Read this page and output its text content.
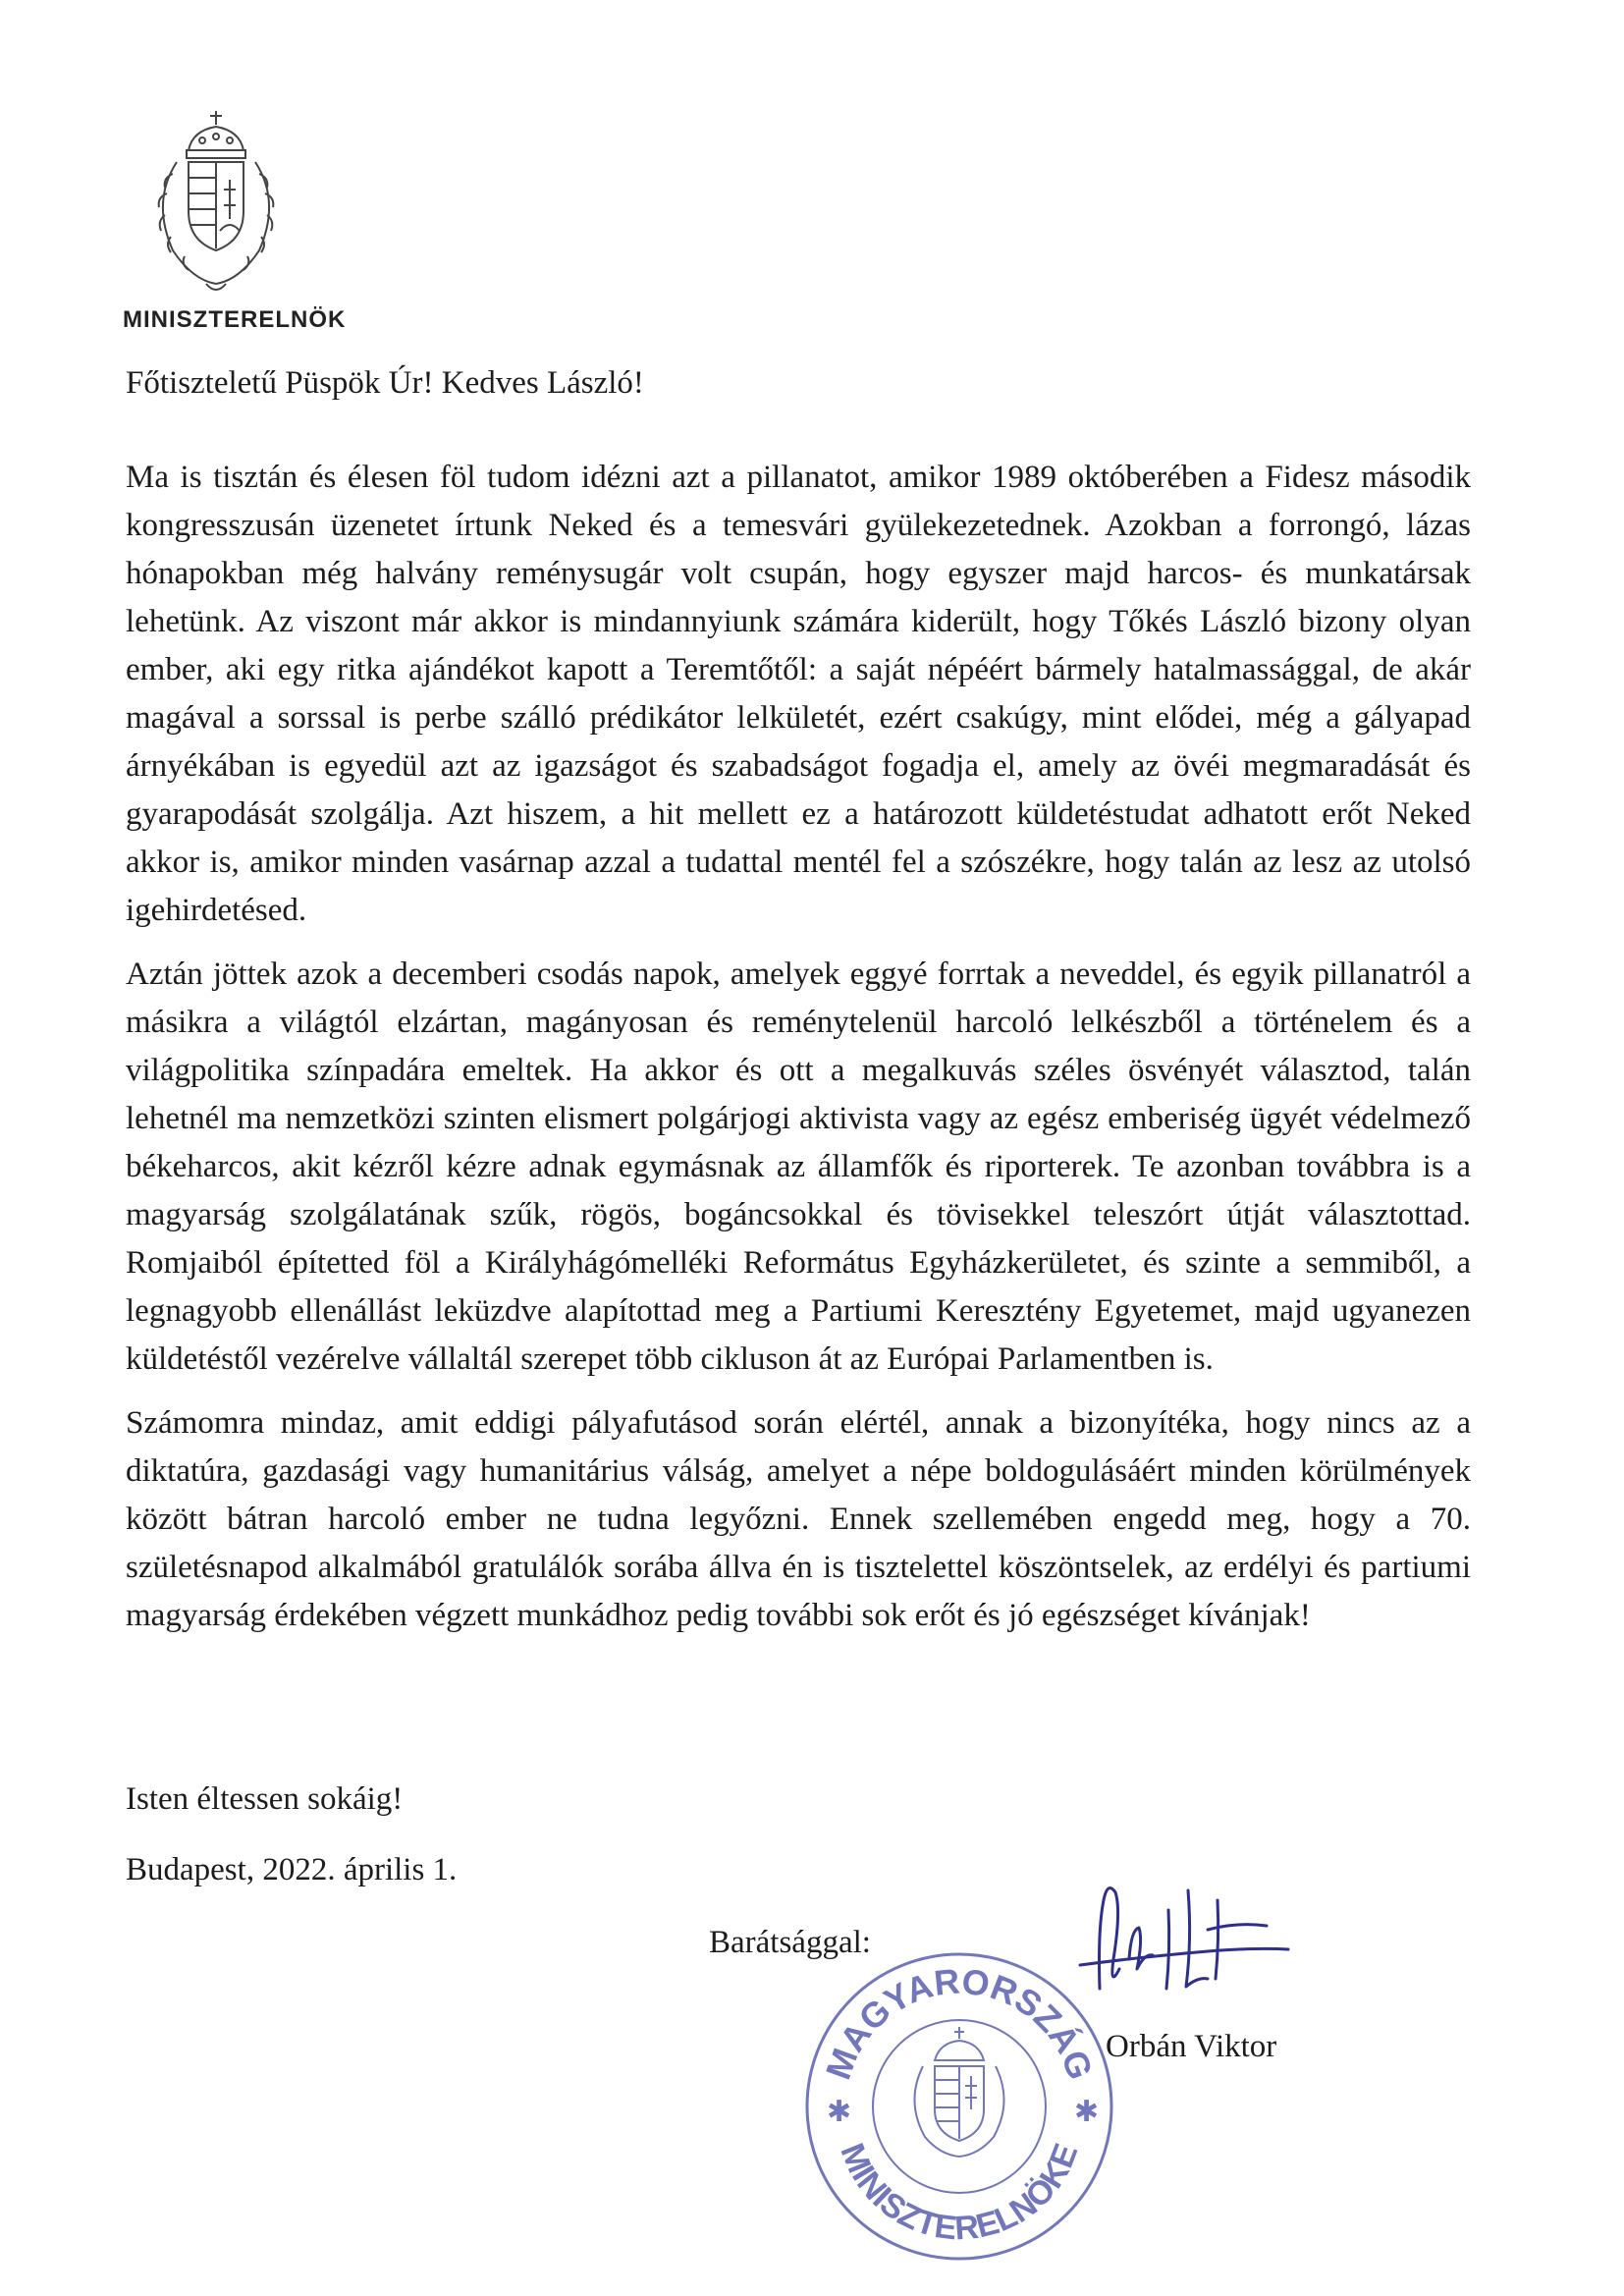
MINISZTERELNÖK
Főtiszteletű Püspök Úr! Kedves László!

Ma is tisztán és élesen föl tudom idézni azt a pillanatot, amikor 1989 októberében a Fidesz második kongresszusán üzenetet írtunk Neked és a temesvári gyülekezetednek. Azokban a forrongó, lázas hónapokban még halvány reménysugár volt csupán, hogy egyszer majd harcos- és munkatársak lehetünk. Az viszont már akkor is mindannyiunk számára kiderült, hogy Tőkés László bizony olyan ember, aki egy ritka ajándékot kapott a Teremtőtől: a saját népéért bármely hatalmassággal, de akár magával a sorssal is perbe szálló prédikátor lelkületét, ezért csakúgy, mint elődei, még a gályapad árnyékában is egyedül azt az igazságot és szabadságot fogadja el, amely az övéi megmaradását és gyarapodását szolgálja. Azt hiszem, a hit mellett ez a határozott küldetéstudat adhatott erőt Neked akkor is, amikor minden vasárnap azzal a tudattal mentél fel a szószékre, hogy talán az lesz az utolsó igehirdetésed.

Aztán jöttek azok a decemberi csodás napok, amelyek eggyé forrtak a neveddel, és egyik pillanatról a másikra a világtól elzártan, magányosan és reménytelenül harcoló lelkészből a történelem és a világpolitika színpadára emeltek. Ha akkor és ott a megalkuvás széles ösvényét választod, talán lehetnél ma nemzetközi szinten elismert polgárjogi aktivista vagy az egész emberiség ügyét védelmező békeharcos, akit kézről kézre adnak egymásnak az államfők és riporterek. Te azonban továbbra is a magyarság szolgálatának szűk, rögös, bogáncsokkal és tövisekkel teleszórt útját választottad. Romjaiból építetted föl a Királyhágómelléki Református Egyházkerületet, és szinte a semmiből, a legnagyobb ellenállást leküzdve alapítottad meg a Partiumi Keresztény Egyetemet, majd ugyanezen küldetéstől vezérelve vállaltál szerepet több cikluson át az Európai Parlamentben is.

Számomra mindaz, amit eddigi pályafutásod során elértél, annak a bizonyítéka, hogy nincs az a diktatúra, gazdasági vagy humanitárius válság, amelyet a népe boldogulásáért minden körülmények között bátran harcoló ember ne tudna legyőzni. Ennek szellemében engedd meg, hogy a 70. születésnapod alkalmából gratulálók sorába állva én is tisztelettel köszöntselek, az erdélyi és partiumi magyarság érdekében végzett munkádhoz pedig további sok erőt és jó egészséget kívánjak!

Isten éltessen sokáig!
Budapest, 2022. április 1.
Barátsággal:
MAGYARORSZÁG
MINISZTERELNÖKE
✱	✱
Orbán Viktor
